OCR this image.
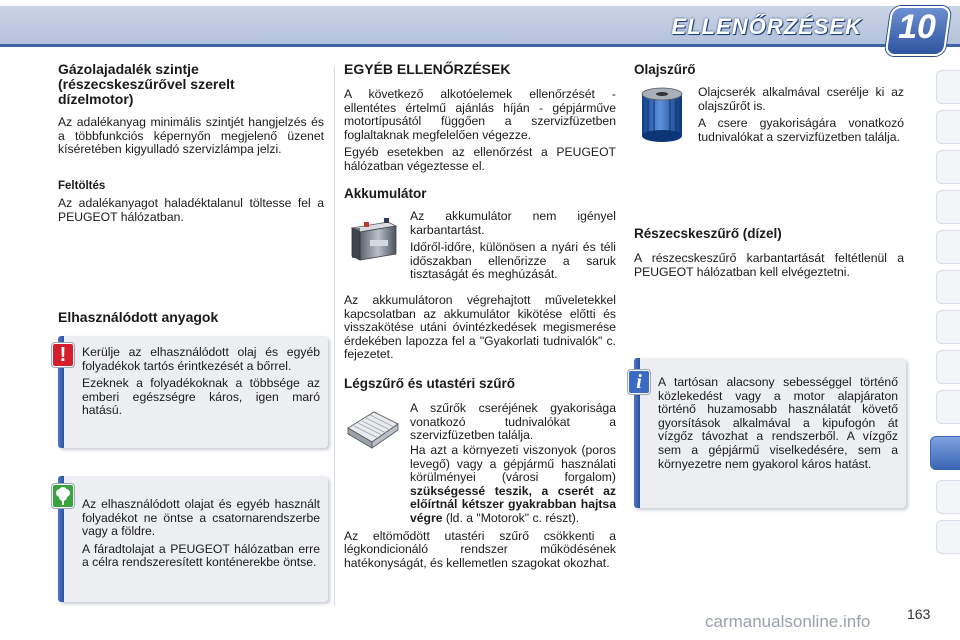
ELLENŐRZÉSEK 10
Gázolajadalék szintje (részecskeszűrővel szerelt dízelmotor)
Az adalékanyag minimális szintjét hangjelzés és a többfunkciós képernyőn megjelenő üzenet kíséretében kigyulladó szervizlámpa jelzi.
Feltöltés
Az adalékanyagot haladéktalanul töltesse fel a PEUGEOT hálózatban.
Elhasználódott anyagok

Kerülje az elhasználódott olaj és egyéb folyadékok tartós érintkezését a bőrrel.

Ezeknek a folyadékoknak a többsége az emberi egészségre káros, igen maró hatású.

!

Az elhasználódott olajat és egyéb használt folyadékot ne öntse a csatornarendszerbe vagy a földre.

A fáradtolajat a PEUGEOT hálózatban erre a célra rendszeresített konténerekbe öntse.

EGYÉB ELLENŐRZÉSEK

A következő alkotóelemek ellenőrzését - ellentétes értelmű ajánlás híján - gépjárműve motortípusától függően a szervizfüzetben foglaltaknak megfelelően végezze.

Egyéb esetekben az ellenőrzést a PEUGEOT hálózatban végeztesse el.

Akkumulátor

Az akkumulátor nem igényel karbantartást.

Időről-időre, különösen a nyári és téli időszakban ellenőrizze a saruk tisztaságát és meghúzását.

Az akkumulátoron végrehajtott műveletekkel kapcsolatban az akkumulátor kikötése előtti és visszakötése utáni óvintézkedések megismerése érdekében lapozza fel a "Gyakorlati tudnivalók" c. fejezetet.
Légszűrő és utastéri szűrő

A szűrők cseréjének gyakorisága vonatkozó tudnivalókat a szervizfüzetben találja.

Ha azt a környezeti viszonyok (poros levegő) vagy a gépjármű használati körülményei (városi forgalom) szükségessé teszik, a cserét az előírtnál kétszer gyakrabban hajtsa végre (ld. a "Motorok" c. részt).

Az eltömődött utastéri szűrő csökkenti a légkondicionáló rendszer működésének hatékonyságát, és kellemetlen szagokat okozhat.

Olajszűrő

Olajcserék alkalmával cserélje ki az olajszűrőt is.

A csere gyakoriságára vonatkozó tudnivalókat a szervizfüzetben találja.

Részecskeszűrő (dízel)
A részecskeszűrő karbantartását feltétlenül a PEUGEOT hálózatban kell elvégeztetni.
A tartósan alacsony sebességgel történő közlekedést vagy a motor alapjáraton történő huzamosabb használatát követő gyorsítások alkalmával a kipufogón át vízgőz távozhat a rendszerből. A vízgőz sem a gépjármű viselkedésére, sem a környezetre nem gyakorol káros hatást.
i
carmanualsonline.info	163
